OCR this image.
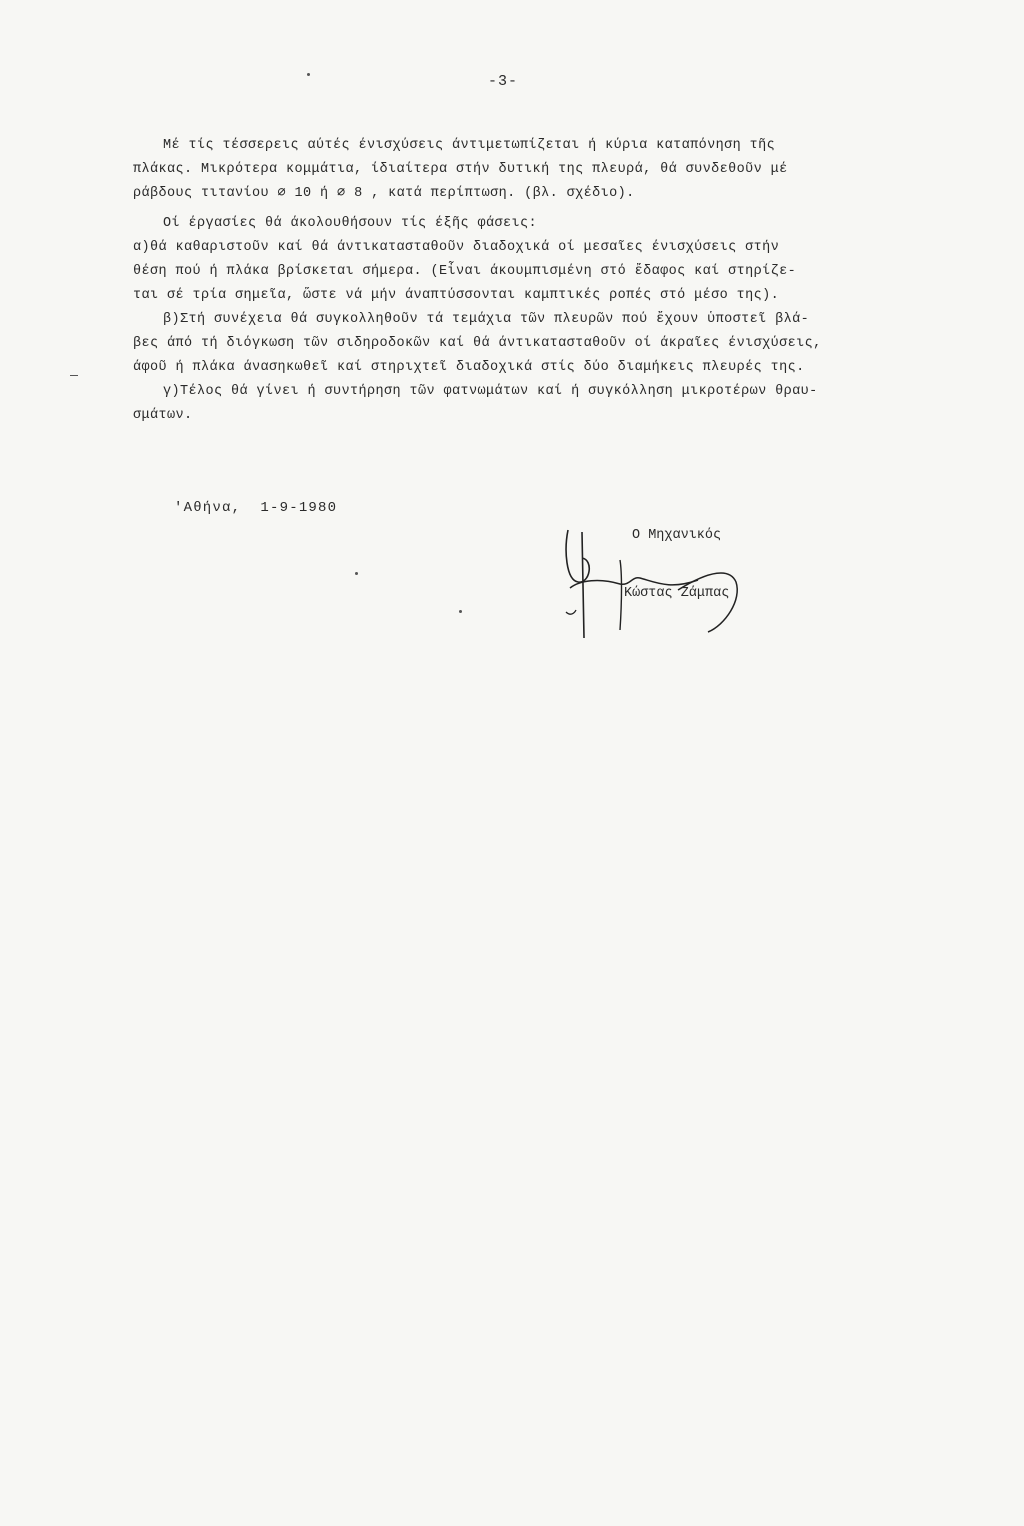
-3-
Μέ τίς τέσσερεις αύτές ένισχύσεις άντιμετωπίζεται ή κύρια καταπόνηση τῆς
πλάκας. Μικρότερα κομμάτια, ίδιαίτερα στήν δυτική της πλευρά, θά συνδεθοῦν μέ
ράβδους τιτανίου ∅ 10 ή ∅ 8 , κατά περίπτωση. (βλ. σχέδιο).
Οί έργασίες θά άκολουθήσουν τίς έξῆς φάσεις:
α)θά καθαριστοῦν καί θά άντικατασταθοῦν διαδοχικά οί μεσαῖες ένισχύσεις στήν
θέση πού ή πλάκα βρίσκεται σήμερα. (Εἶναι άκουμπισμένη στό ἔδαφος καί στηρίζε-
ται σέ τρία σημεῖα, ὥστε νά μήν άναπτύσσονται καμπτικές ροπές στό μέσο της).
β)Στή συνέχεια θά συγκολληθοῦν τά τεμάχια τῶν πλευρῶν πού ἔχουν ὑποστεῖ βλά-
βες άπό τή διόγκωση τῶν σιδηροδοκῶν καί θά άντικατασταθοῦν οί άκραῖες ένισχύσεις,
άφοῦ ή πλάκα άνασηκωθεῖ καί στηριχτεῖ διαδοχικά στίς δύο διαμήκεις πλευρές της.
γ)Τέλος θά γίνει ή συντήρηση τῶν φατνωμάτων καί ή συγκόλληση μικροτέρων θραυ-
σμάτων.
'Αθήνα,  1-9-1980
Ο Μηχανικός
Κώστας Ζάμπας
